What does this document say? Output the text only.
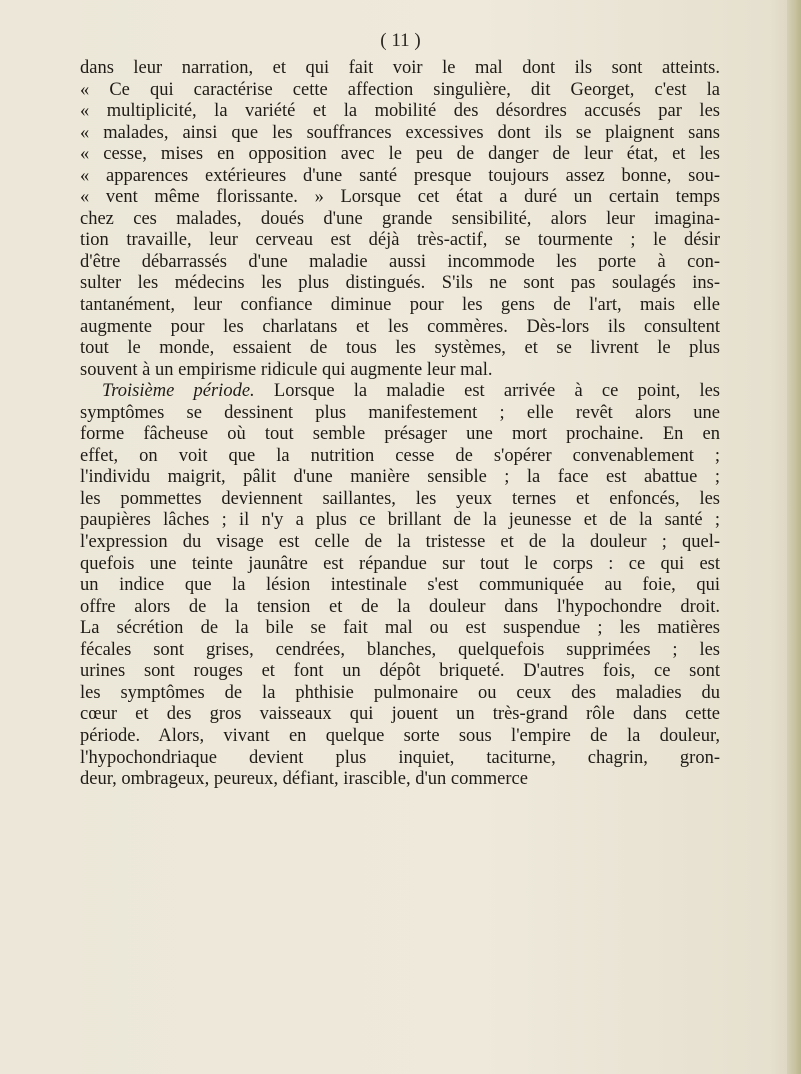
( 11 )
dans leur narration, et qui fait voir le mal dont ils sont atteints.
« Ce qui caractérise cette affection singulière, dit Georget, c'est la
« multiplicité, la variété et la mobilité des désordres accusés par les
« malades, ainsi que les souffrances excessives dont ils se plaignent sans
« cesse, mises en opposition avec le peu de danger de leur état, et les
« apparences extérieures d'une santé presque toujours assez bonne, sou-
« vent même florissante. » Lorsque cet état a duré un certain temps
chez ces malades, doués d'une grande sensibilité, alors leur imagina-
tion travaille, leur cerveau est déjà très-actif, se tourmente ; le désir
d'être débarrassés d'une maladie aussi incommode les porte à con-
sulter les médecins les plus distingués. S'ils ne sont pas soulagés ins-
tantanément, leur confiance diminue pour les gens de l'art, mais elle
augmente pour les charlatans et les commères. Dès-lors ils consultent
tout le monde, essaient de tous les systèmes, et se livrent le plus
souvent à un empirisme ridicule qui augmente leur mal.
Troisième période. Lorsque la maladie est arrivée à ce point, les
symptômes se dessinent plus manifestement ; elle revêt alors une
forme fâcheuse où tout semble présager une mort prochaine. En en
effet, on voit que la nutrition cesse de s'opérer convenablement ;
l'individu maigrit, pâlit d'une manière sensible ; la face est abattue ;
les pommettes deviennent saillantes, les yeux ternes et enfoncés, les
paupières lâches ; il n'y a plus ce brillant de la jeunesse et de la santé ;
l'expression du visage est celle de la tristesse et de la douleur ; quel-
quefois une teinte jaunâtre est répandue sur tout le corps : ce qui est
un indice que la lésion intestinale s'est communiquée au foie, qui
offre alors de la tension et de la douleur dans l'hypochondre droit.
La sécrétion de la bile se fait mal ou est suspendue ; les matières
fécales sont grises, cendrées, blanches, quelquefois supprimées ; les
urines sont rouges et font un dépôt briqueté. D'autres fois, ce sont
les symptômes de la phthisie pulmonaire ou ceux des maladies du
cœur et des gros vaisseaux qui jouent un très-grand rôle dans cette
période. Alors, vivant en quelque sorte sous l'empire de la douleur,
l'hypochondriaque devient plus inquiet, taciturne, chagrin, gron-
deur, ombrageux, peureux, défiant, irascible, d'un commerce
